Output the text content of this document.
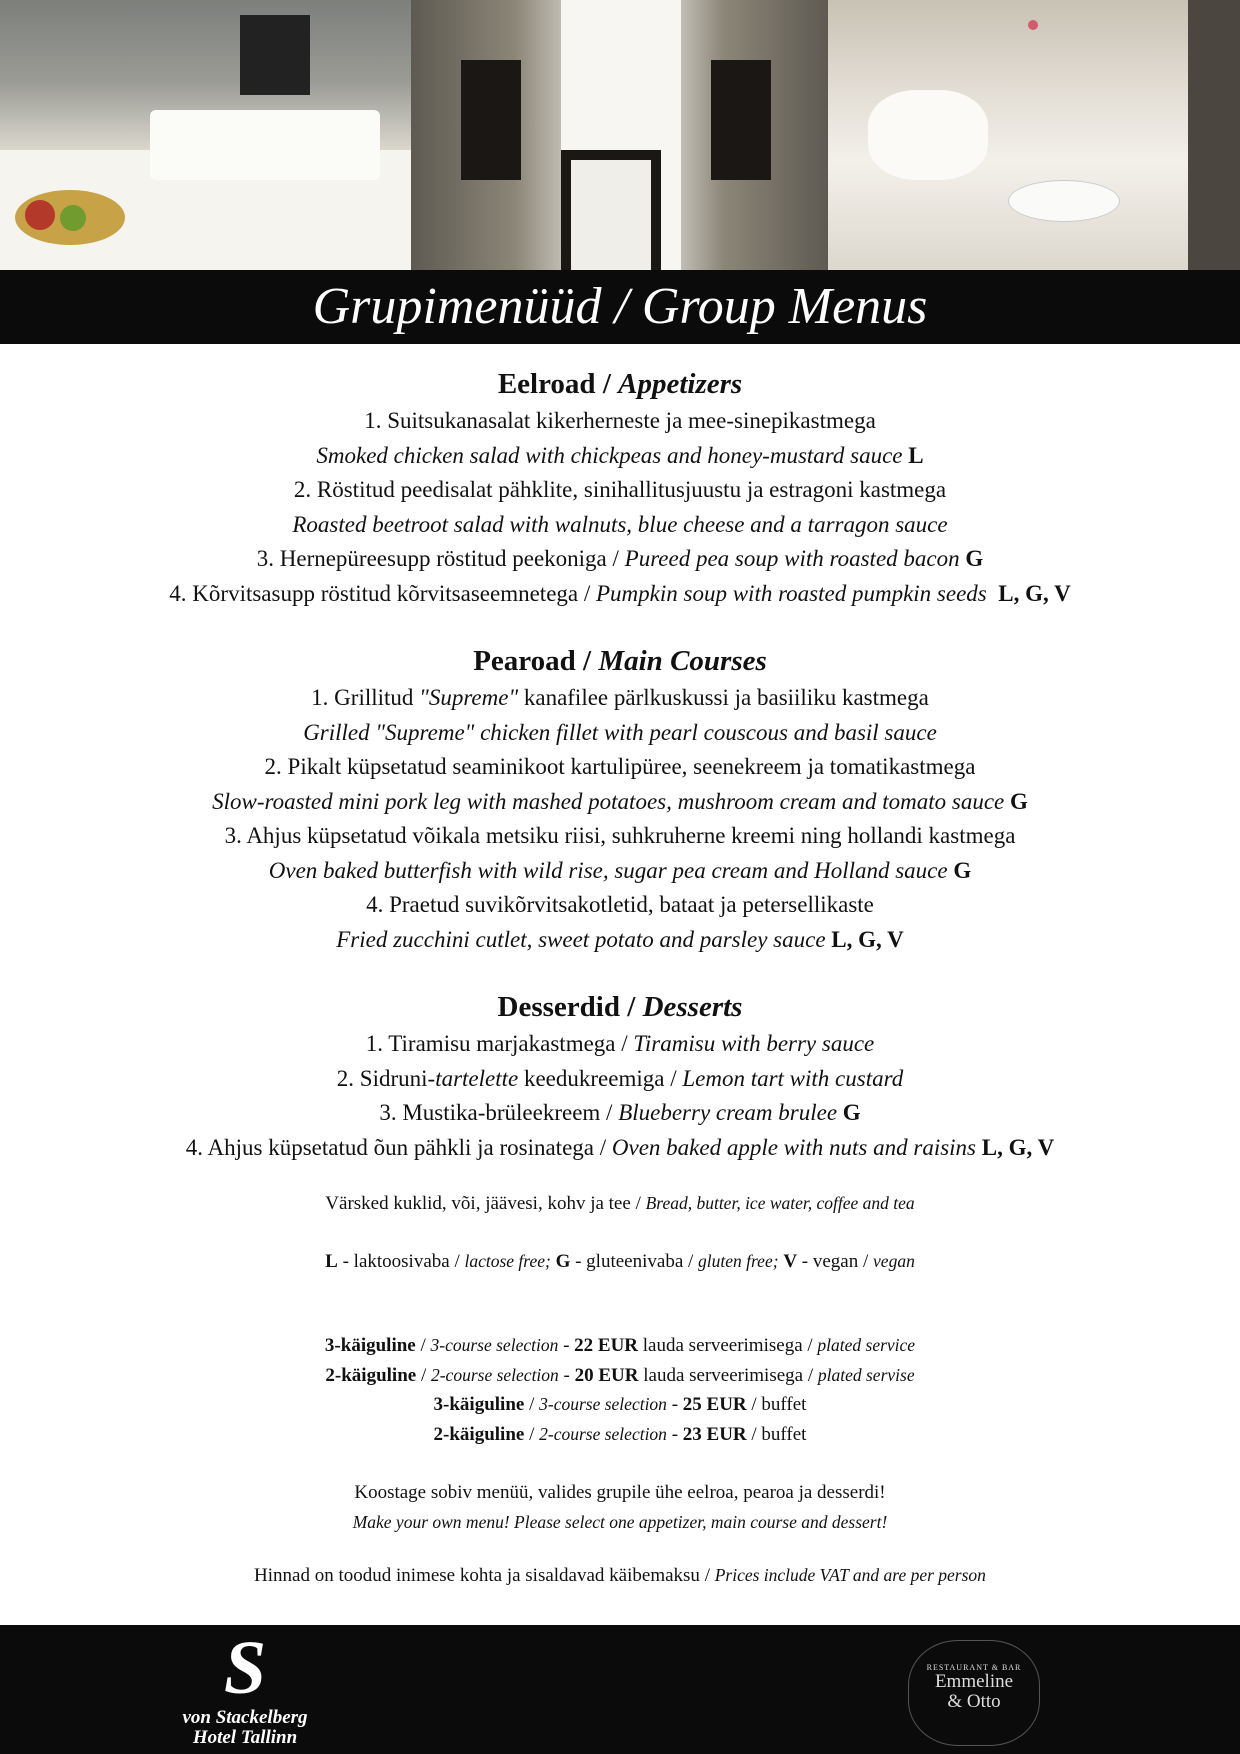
Grupimenüüd / Group Menus
Eelroad / Appetizers
1. Suitsukanasalat kikerherneste ja mee-sinepikastmega
Smoked chicken salad with chickpeas and honey-mustard sauce L
2. Röstitud peedisalat pähklite, sinihallitusjuustu ja estragoni kastmega
Roasted beetroot salad with walnuts, blue cheese and a tarragon sauce
3. Hernepüreesupp röstitud peekoniga / Pureed pea soup with roasted bacon G
4. Kõrvitsasupp röstitud kõrvitsaseemnetega / Pumpkin soup with roasted pumpkin seeds L, G, V
Pearoad / Main Courses
1. Grillitud "Supreme" kanafilee pärlkuskussi ja basiiliku kastmega
Grilled "Supreme" chicken fillet with pearl couscous and basil sauce
2. Pikalt küpsetatud seaminikoot kartulipüree, seenekreem ja tomatikastmega
Slow-roasted mini pork leg with mashed potatoes, mushroom cream and tomato sauce G
3. Ahjus küpsetatud võikala metsiku riisi, suhkruherne kreemi ning hollandi kastmega
Oven baked butterfish with wild rise, sugar pea cream and Holland sauce G
4. Praetud suvikõrvitsakotletid, bataat ja petersellikaste
Fried zucchini cutlet, sweet potato and parsley sauce L, G, V
Desserdid / Desserts
1. Tiramisu marjakastmega / Tiramisu with berry sauce
2. Sidruni-tartelette keedukreemiga / Lemon tart with custard
3. Mustika-brüleekreem / Blueberry cream brulee G
4. Ahjus küpsetatud õun pähkli ja rosinatega / Oven baked apple with nuts and raisins L, G, V
Värsked kuklid, või, jäävesi, kohv ja tee / Bread, butter, ice water, coffee and tea
L - laktoosivaba / lactose free; G - gluteenivaba / gluten free; V - vegan / vegan
3-käiguline / 3-course selection - 22 EUR lauda serveerimisega / plated service
2-käiguline / 2-course selection - 20 EUR lauda serveerimisega / plated servise
3-käiguline / 3-course selection - 25 EUR / buffet
2-käiguline / 2-course selection - 23 EUR / buffet
Koostage sobiv menüü, valides grupile ühe eelroa, pearoa ja desserdi!
Make your own menu! Please select one appetizer, main course and dessert!
Hinnad on toodud inimese kohta ja sisaldavad käibemaksu / Prices include VAT and are per person
S
von Stackelberg
Hotel Tallinn
RESTAURANT & BAR
Emmeline
& Otto
